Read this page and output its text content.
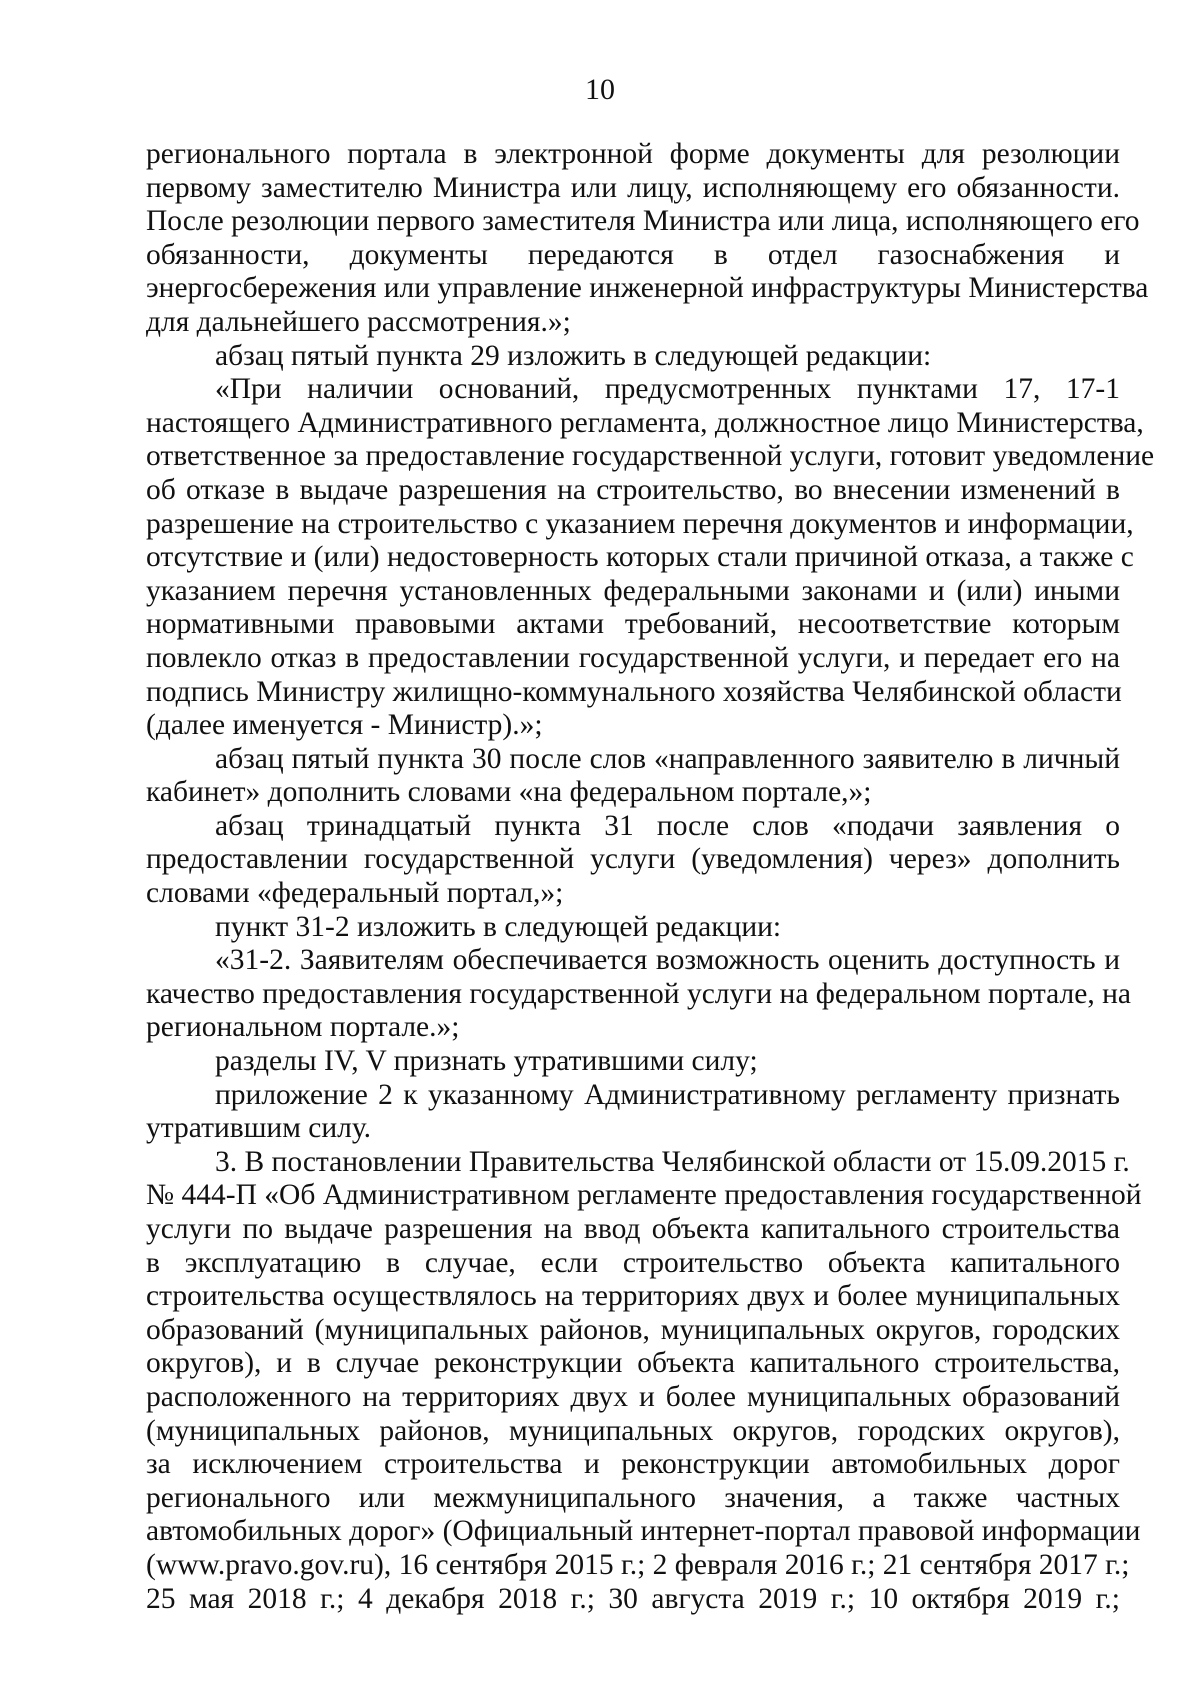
10
регионального портала в электронной форме документы для резолюции
первому заместителю Министра или лицу, исполняющему его обязанности.
После резолюции первого заместителя Министра или лица, исполняющего его
обязанности, документы передаются в отдел газоснабжения и
энергосбережения или управление инженерной инфраструктуры Министерства
для дальнейшего рассмотрения.»;
абзац пятый пункта 29 изложить в следующей редакции:
«При наличии оснований, предусмотренных пунктами 17, 17-1
настоящего Административного регламента, должностное лицо Министерства,
ответственное за предоставление государственной услуги, готовит уведомление
об отказе в выдаче разрешения на строительство, во внесении изменений в
разрешение на строительство с указанием перечня документов и информации,
отсутствие и (или) недостоверность которых стали причиной отказа, а также с
указанием перечня установленных федеральными законами и (или) иными
нормативными правовыми актами требований, несоответствие которым
повлекло отказ в предоставлении государственной услуги, и передает его на
подпись Министру жилищно-коммунального хозяйства Челябинской области
(далее именуется - Министр).»;
абзац пятый пункта 30 после слов «направленного заявителю в личный
кабинет» дополнить словами «на федеральном портале,»;
абзац тринадцатый пункта 31 после слов «подачи заявления о
предоставлении государственной услуги (уведомления) через» дополнить
словами «федеральный портал,»;
пункт 31-2 изложить в следующей редакции:
«31-2. Заявителям обеспечивается возможность оценить доступность и
качество предоставления государственной услуги на федеральном портале, на
региональном портале.»;
разделы IV, V признать утратившими силу;
приложение 2 к указанному Административному регламенту признать
утратившим силу.
3. В постановлении Правительства Челябинской области от 15.09.2015 г.
№ 444-П «Об Административном регламенте предоставления государственной
услуги по выдаче разрешения на ввод объекта капитального строительства
в эксплуатацию в случае, если строительство объекта капитального
строительства осуществлялось на территориях двух и более муниципальных
образований (муниципальных районов, муниципальных округов, городских
округов), и в случае реконструкции объекта капитального строительства,
расположенного на территориях двух и более муниципальных образований
(муниципальных районов, муниципальных округов, городских округов),
за исключением строительства и реконструкции автомобильных дорог
регионального или межмуниципального значения, а также частных
автомобильных дорог» (Официальный интернет-портал правовой информации
(www.pravo.gov.ru), 16 сентября 2015 г.; 2 февраля 2016 г.; 21 сентября 2017 г.;
25 мая 2018 г.; 4 декабря 2018 г.; 30 августа 2019 г.; 10 октября 2019 г.;
